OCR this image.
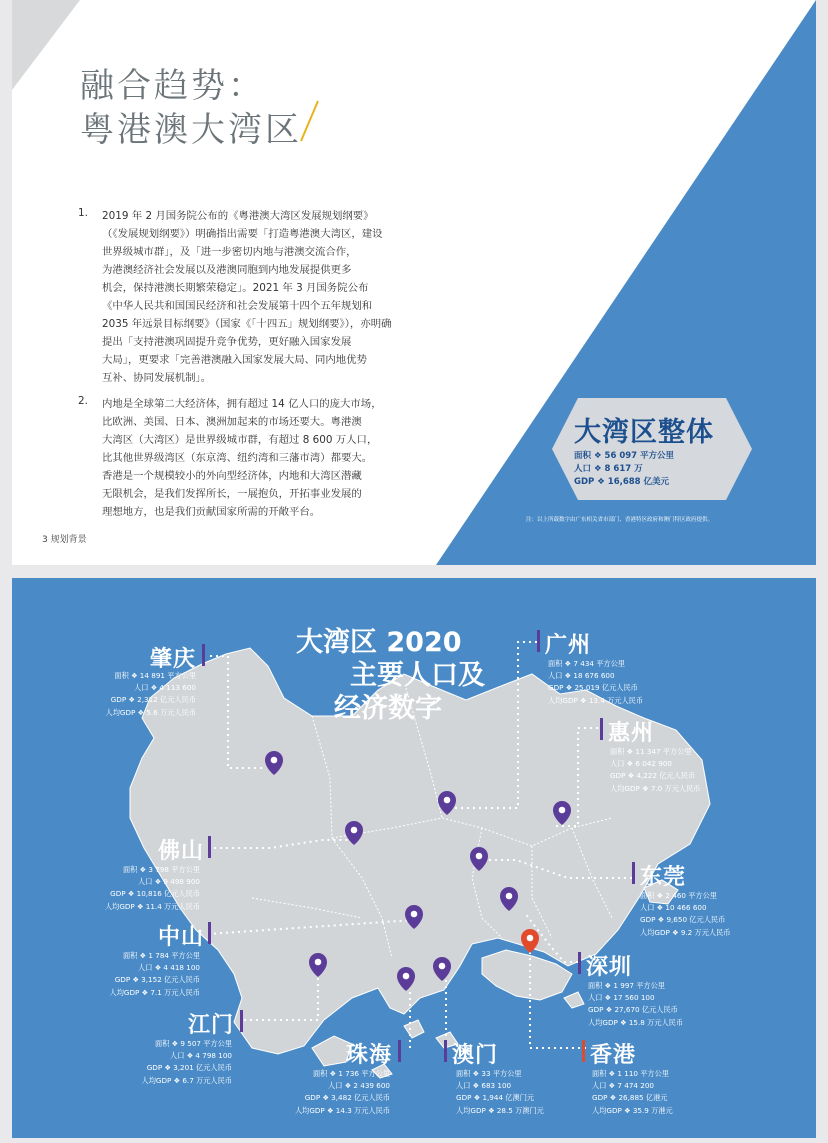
融合趋势：
粤港澳大湾区
1. 2019 年 2 月国务院公布的《粤港澳大湾区发展规划纲要》
（《发展规划纲要》）明确指出需要「打造粤港澳大湾区，建设
世界级城市群」，及「进一步密切内地与港澳交流合作，
为港澳经济社会发展以及港澳同胞到内地发展提供更多
机会，保持港澳长期繁荣稳定」。2021 年 3 月国务院公布
《中华人民共和国国民经济和社会发展第十四个五年规划和
2035 年远景目标纲要》（国家《「十四五」规划纲要》），亦明确
提出「支持港澳巩固提升竞争优势，更好融入国家发展
大局」，更要求「完善港澳融入国家发展大局、同内地优势
互补、协同发展机制」。
2. 内地是全球第二大经济体，拥有超过 14 亿人口的庞大市场，
比欧洲、美国、日本、澳洲加起来的市场还要大。粤港澳
大湾区（大湾区）是世界级城市群，有超过 8 600 万人口，
比其他世界级湾区（东京湾、纽约湾和三藩市湾）都要大。
香港是一个规模较小的外向型经济体，内地和大湾区潜藏
无限机会，是我们发挥所长，一展抱负，开拓事业发展的
理想地方，也是我们贡献国家所需的开敞平台。
3 规划背景
大湾区整体
面积 ❖ 56 097 平方公里
人口 ❖ 8 617 万
GDP ❖ 16,688 亿美元
注：以上所载数字由广东相关省市部门、香港特区政府和澳门特区政府提供。
大湾区 2020
主要人口及
经济数字
肇庆
面积 ❖ 14 891 平方公里
人口 ❖ 4 113 600
GDP ❖ 2,312 亿元人民币
人均GDP ❖ 5.6 万元人民币
广州
面积 ❖ 7 434 平方公里
人口 ❖ 18 676 600
GDP ❖ 25,019 亿元人民币
人均GDP ❖ 13.4 万元人民币
惠州
面积 ❖ 11 347 平方公里
人口 ❖ 6 042 900
GDP ❖ 4,222 亿元人民币
人均GDP ❖ 7.0 万元人民币
佛山
面积 ❖ 3 798 平方公里
人口 ❖ 9 498 900
GDP ❖ 10,816 亿元人民币
人均GDP ❖ 11.4 万元人民币
东莞
面积 ❖ 2 460 平方公里
人口 ❖ 10 466 600
GDP ❖ 9,650 亿元人民币
人均GDP ❖ 9.2 万元人民币
中山
面积 ❖ 1 784 平方公里
人口 ❖ 4 418 100
GDP ❖ 3,152 亿元人民币
人均GDP ❖ 7.1 万元人民币
深圳
面积 ❖ 1 997 平方公里
人口 ❖ 17 560 100
GDP ❖ 27,670 亿元人民币
人均GDP ❖ 15.8 万元人民币
江门
面积 ❖ 9 507 平方公里
人口 ❖ 4 798 100
GDP ❖ 3,201 亿元人民币
人均GDP ❖ 6.7 万元人民币
珠海
面积 ❖ 1 736 平方公里
人口 ❖ 2 439 600
GDP ❖ 3,482 亿元人民币
人均GDP ❖ 14.3 万元人民币
澳门
面积 ❖ 33 平方公里
人口 ❖ 683 100
GDP ❖ 1,944 亿澳门元
人均GDP ❖ 28.5 万澳门元
香港
面积 ❖ 1 110 平方公里
人口 ❖ 7 474 200
GDP ❖ 26,885 亿港元
人均GDP ❖ 35.9 万港元
